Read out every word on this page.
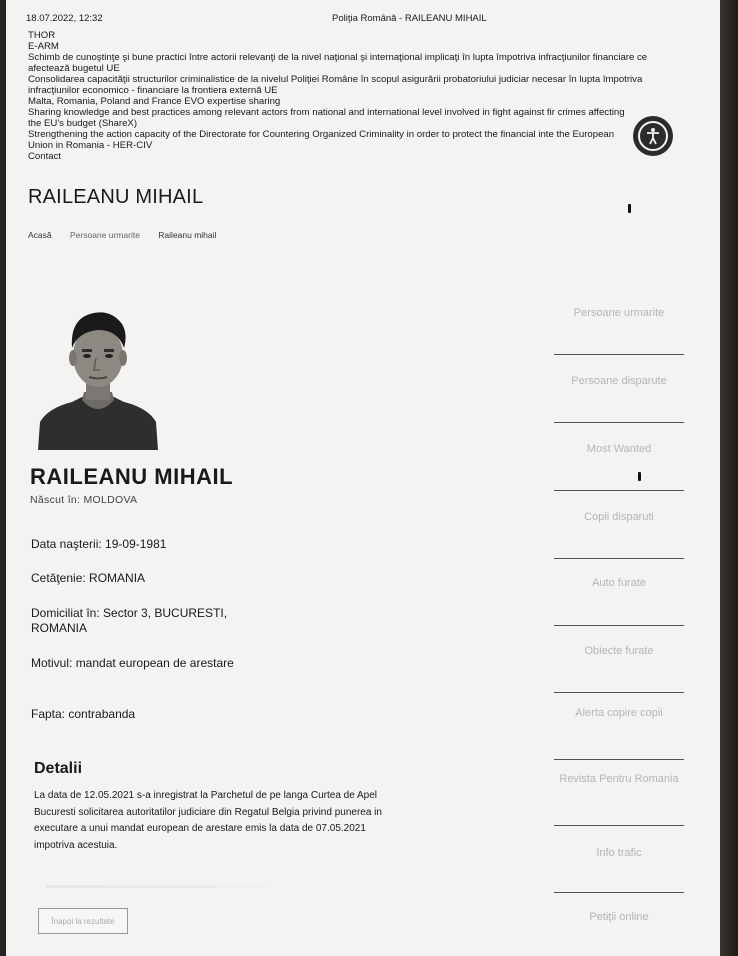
18.07.2022, 12:32	Poliţia Română - RAILEANU MIHAIL
THOR
E-ARM
Schimb de cunoştinţe şi bune practici între actorii relevanţi de la nivel naţional şi internaţional implicaţi în lupta împotriva infracţiunilor financiare ce afectează bugetul UE
Consolidarea capacităţii structurilor criminalistice de la nivelul Poliţiei Române în scopul asigurării probatoriului judiciar necesar în lupta împotriva infracţiunilor economico - financiare la frontiera externă UE
Malta, Romania, Poland and France EVO expertise sharing
Sharing knowledge and best practices among relevant actors from national and international level involved in fight against fir crimes affecting the EU's budget (ShareX)
Strengthening the action capacity of the Directorate for Countering Organized Criminality in order to protect the financial inte the European Union in Romania - HER-CIV
Contact
RAILEANU MIHAIL
Acasă Persoane urmarite Raileanu mihail
RAILEANU MIHAIL
Născut în: MOLDOVA
Data naşterii: 19-09-1981
Cetăţenie: ROMANIA
Domiciliat în: Sector 3, BUCURESTI, ROMANIA
Motivul: mandat european de arestare
Fapta: contrabanda
Detalii
La data de 12.05.2021 s-a inregistrat la Parchetul de pe langa Curtea de Apel Bucuresti solicitarea autoritatilor judiciare din Regatul Belgia privind punerea in executare a unui mandat european de arestare emis la data de 07.05.2021 impotriva acestuia.
Înapoi la rezultate
Persoane urmarite
Persoane disparute
Most Wanted
Copii disparuti
Auto furate
Obiecte furate
Alerta copire copii
Revista Pentru Romania
Info trafic
Petiţii online
